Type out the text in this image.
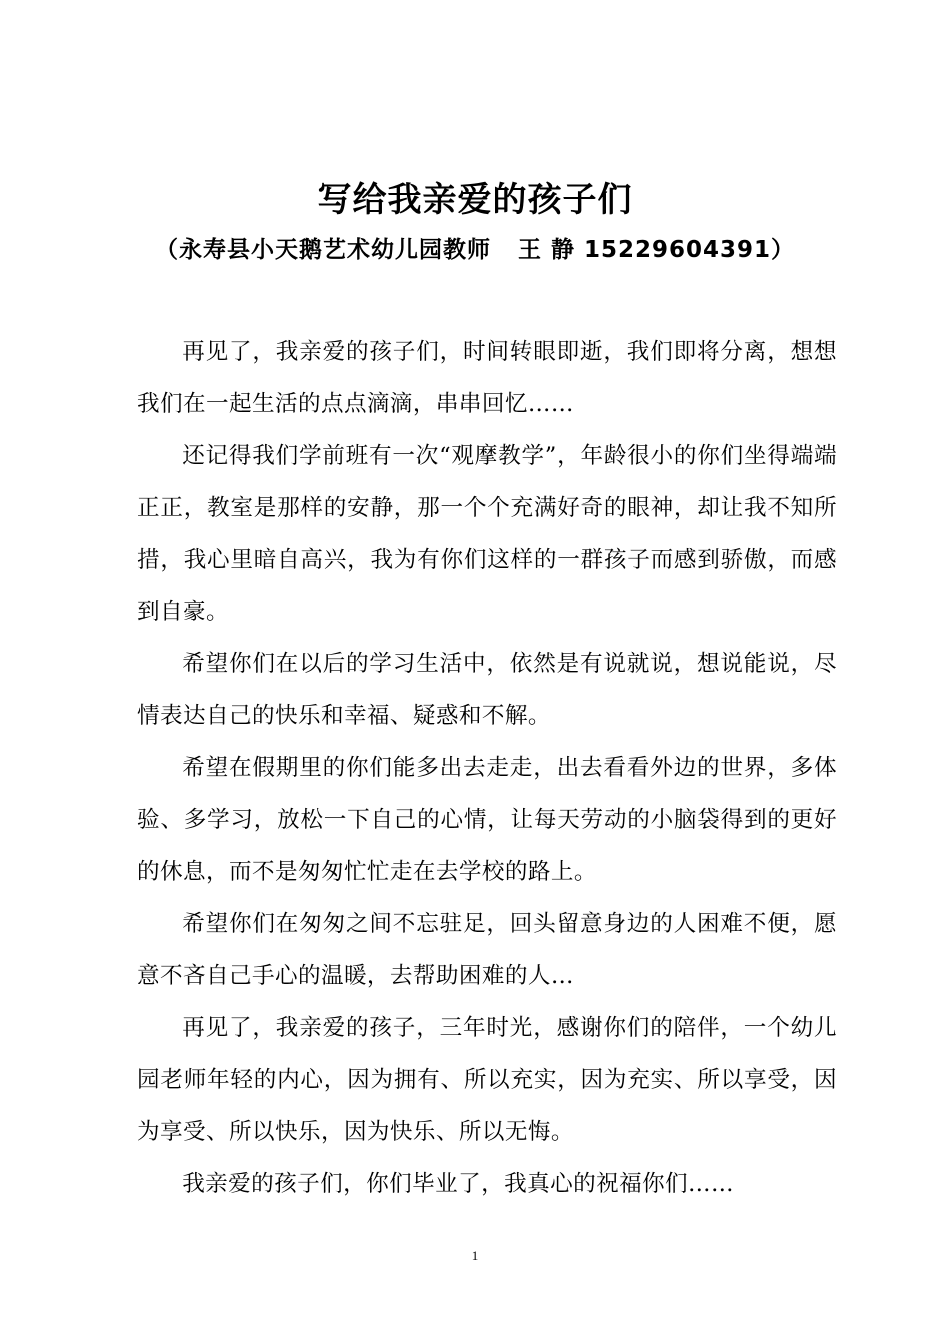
写给我亲爱的孩子们
（永寿县小天鹅艺术幼儿园教师   王 静 15229604391）

再见了，我亲爱的孩子们，时间转眼即逝，我们即将分离，想想我们在一起生活的点点滴滴，串串回忆……

还记得我们学前班有一次“观摩教学”，年龄很小的你们坐得端端正正，教室是那样的安静，那一个个充满好奇的眼神，却让我不知所措，我心里暗自高兴，我为有你们这样的一群孩子而感到骄傲，而感到自豪。

希望你们在以后的学习生活中，依然是有说就说，想说能说，尽情表达自己的快乐和幸福、疑惑和不解。

希望在假期里的你们能多出去走走，出去看看外边的世界，多体验、多学习，放松一下自己的心情，让每天劳动的小脑袋得到的更好的休息，而不是匆匆忙忙走在去学校的路上。

希望你们在匆匆之间不忘驻足，回头留意身边的人困难不便，愿意不吝自己手心的温暖，去帮助困难的人…

再见了，我亲爱的孩子，三年时光，感谢你们的陪伴，一个幼儿园老师年轻的内心，因为拥有、所以充实，因为充实、所以享受，因为享受、所以快乐，因为快乐、所以无悔。

我亲爱的孩子们，你们毕业了，我真心的祝福你们……

1
